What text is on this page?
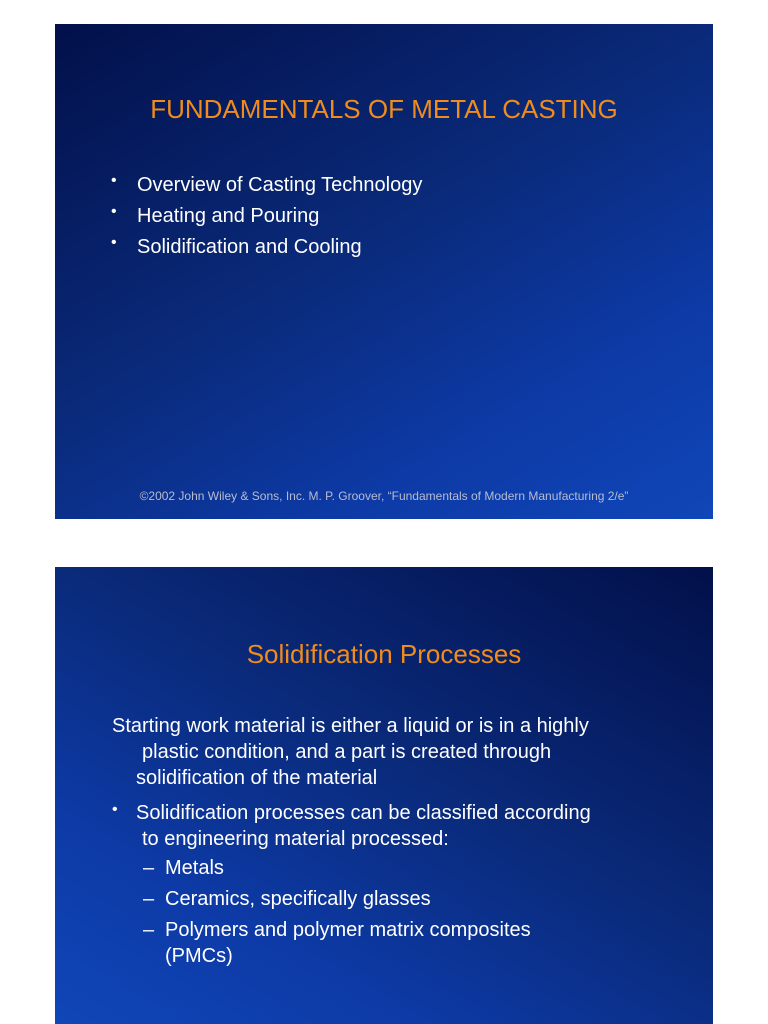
FUNDAMENTALS OF METAL CASTING
• Overview of Casting Technology
• Heating and Pouring
• Solidification and Cooling
©2002 John Wiley & Sons, Inc. M. P. Groover, “Fundamentals of Modern Manufacturing 2/e”
Solidification Processes
Starting work material is either a liquid or is in a highly
plastic condition, and a part is created through
solidification of the material
• Solidification processes can be classified according
to engineering material processed:
– Metals
– Ceramics, specifically glasses
– Polymers and polymer matrix composites
(PMCs)
